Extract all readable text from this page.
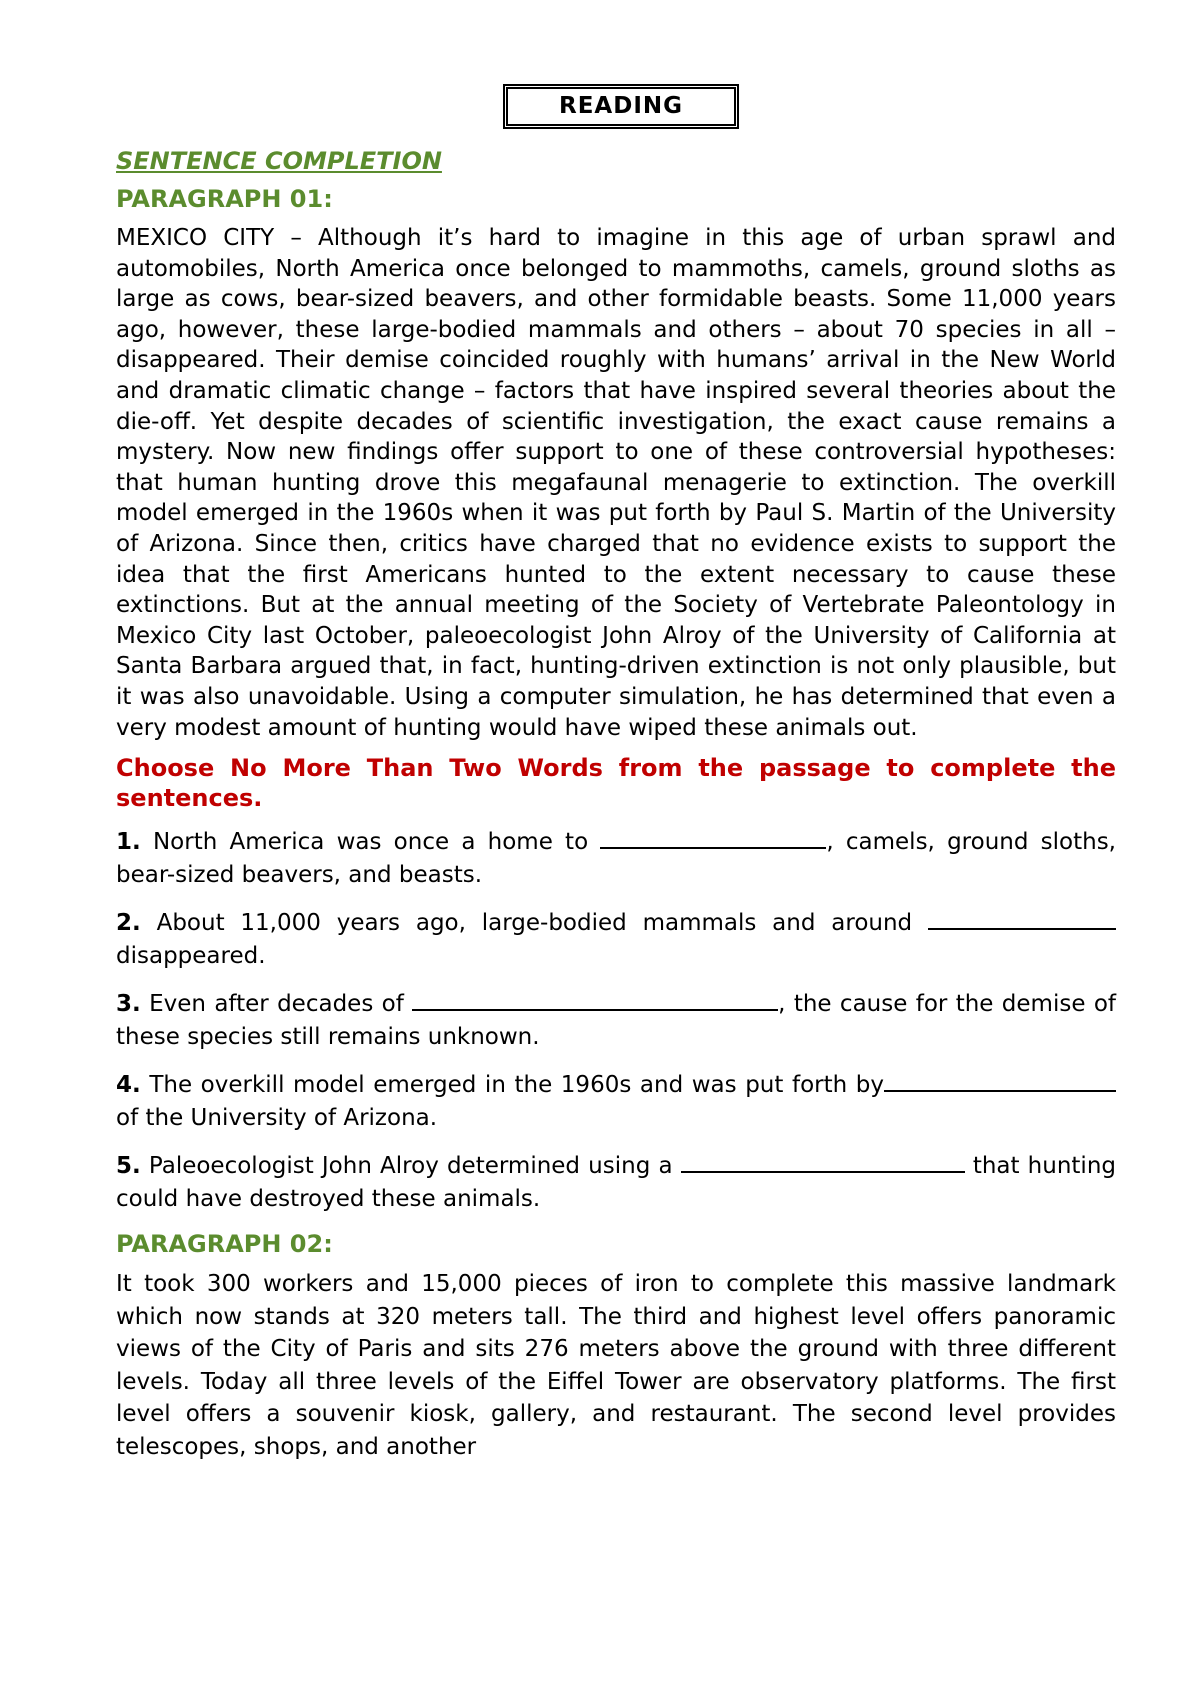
READING
SENTENCE COMPLETION
PARAGRAPH 01:

MEXICO CITY – Although it’s hard to imagine in this age of urban sprawl and automobiles, North America once belonged to mammoths, camels, ground sloths as large as cows, bear-sized beavers, and other formidable beasts. Some 11,000 years ago, however, these large-bodied mammals and others – about 70 species in all – disappeared. Their demise coincided roughly with humans’ arrival in the New World and dramatic climatic change – factors that have inspired several theories about the die-off. Yet despite decades of scientific investigation, the exact cause remains a mystery. Now new findings offer support to one of these controversial hypotheses: that human hunting drove this megafaunal menagerie to extinction. The overkill model emerged in the 1960s when it was put forth by Paul S. Martin of the University of Arizona. Since then, critics have charged that no evidence exists to support the idea that the first Americans hunted to the extent necessary to cause these extinctions. But at the annual meeting of the Society of Vertebrate Paleontology in Mexico City last October, paleoecologist John Alroy of the University of California at Santa Barbara argued that, in fact, hunting-driven extinction is not only plausible, but it was also unavoidable. Using a computer simulation, he has determined that even a very modest amount of hunting would have wiped these animals out.

Choose No More Than Two Words from the passage to complete the sentences.

1. North America was once a home to	, camels, ground sloths, bear-sized beavers, and beasts.

2. About 11,000 years ago, large-bodied mammals and around  disappeared.

3. Even after decades of	, the cause for the demise of these species still remains unknown.

4. The overkill model emerged in the 1960s and was put forth by of the University of Arizona.

5. Paleoecologist John Alroy determined using a	that hunting could have destroyed these animals.

PARAGRAPH 02:

It took 300 workers and 15,000 pieces of iron to complete this massive landmark which now stands at 320 meters tall. The third and highest level offers panoramic views of the City of Paris and sits 276 meters above the ground with three different levels. Today all three levels of the Eiffel Tower are observatory platforms. The first level offers a souvenir kiosk, gallery, and restaurant. The second level provides telescopes, shops, and another
